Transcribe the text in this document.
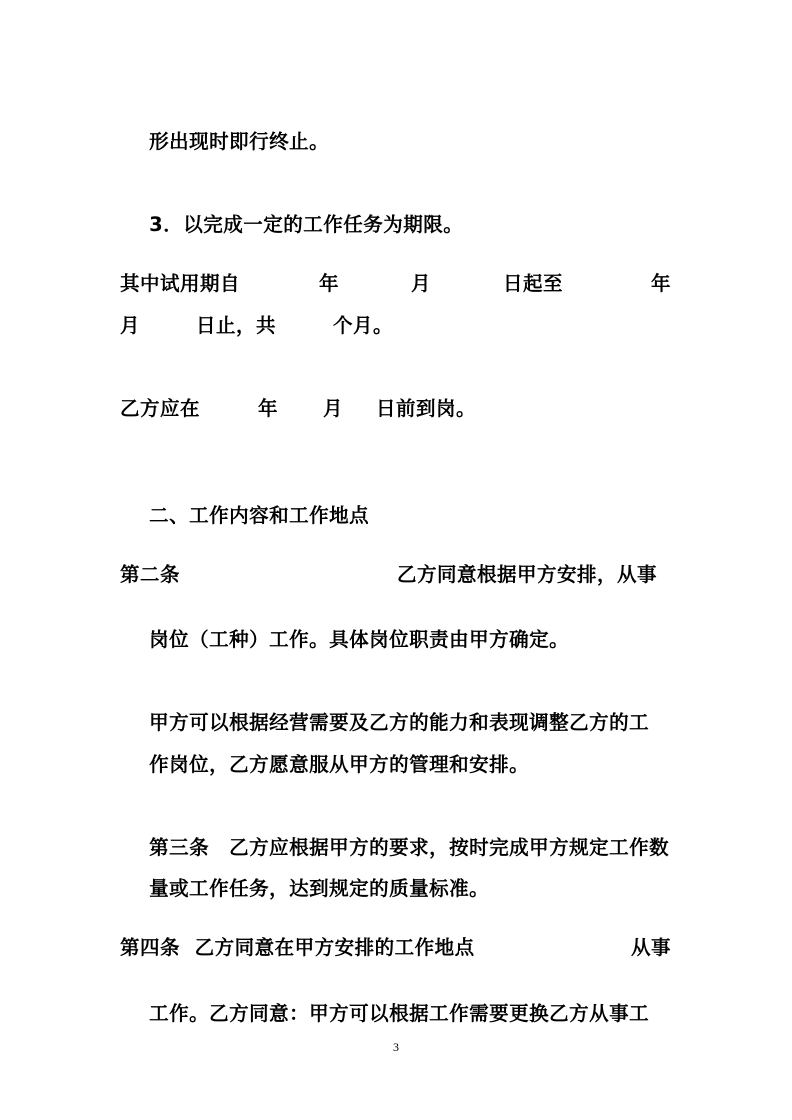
形出现时即行终止。

3．以完成一定的工作任务为期限。

其中试用期自

	年

	月

	日起至

	年

月

	日止，共

	个月。

乙方应在

	年

月

日前到岗。

二、工作内容和工作地点

第二条

	乙方同意根据甲方安排，从事

岗位（工种）工作。具体岗位职责由甲方确定。

甲方可以根据经营需要及乙方的能力和表现调整乙方的工

作岗位，乙方愿意服从甲方的管理和安排。

第三条　乙方应根据甲方的要求，按时完成甲方规定工作数

量或工作任务，达到规定的质量标准。

第四条  乙方同意在甲方安排的工作地点

	从事

工作。乙方同意：甲方可以根据工作需要更换乙方从事工

3
